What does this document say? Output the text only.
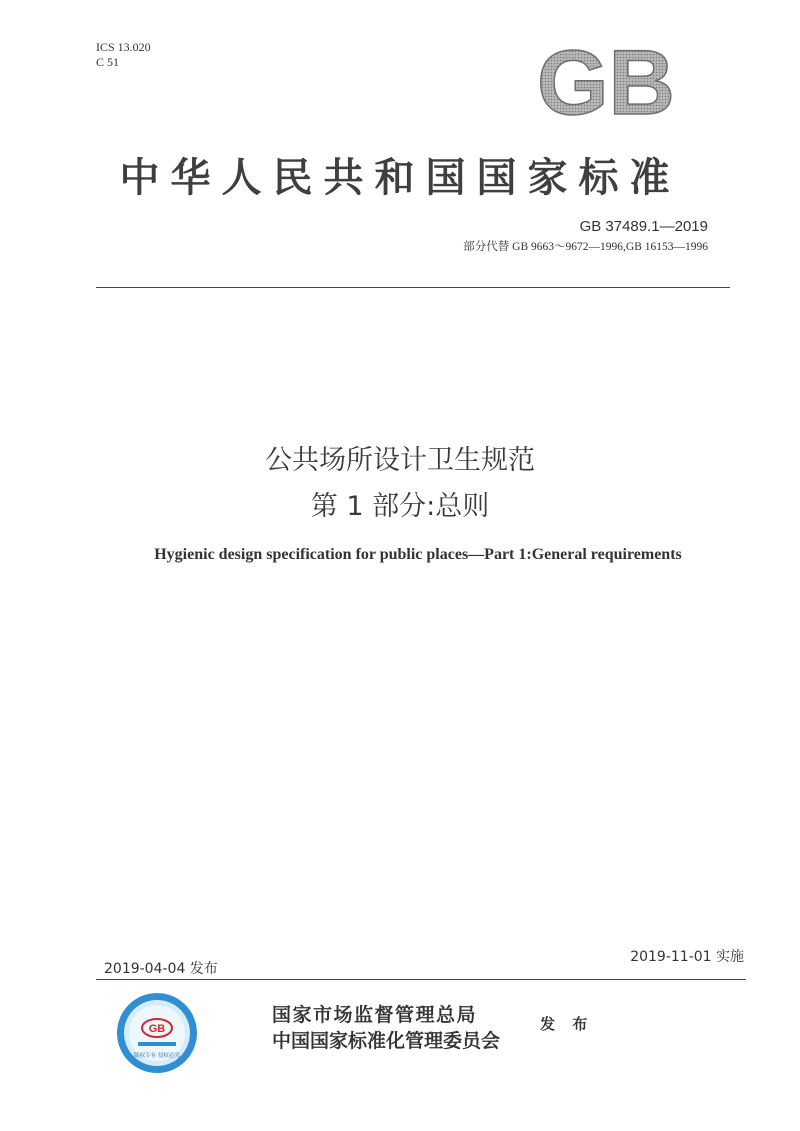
ICS 13.020
C 51	GB
中华人民共和国国家标准
GB 37489.1—2019
部分代替 GB 9663～9672—1996,GB 16153—1996
公共场所设计卫生规范
第 1 部分:总则
Hygienic design specification for public places—Part 1:General requirements
2019-04-04 发布
2019-11-01 实施
GB
版权专有 侵权必究
国家市场监督管理总局
中国国家标准化管理委员会
发 布
